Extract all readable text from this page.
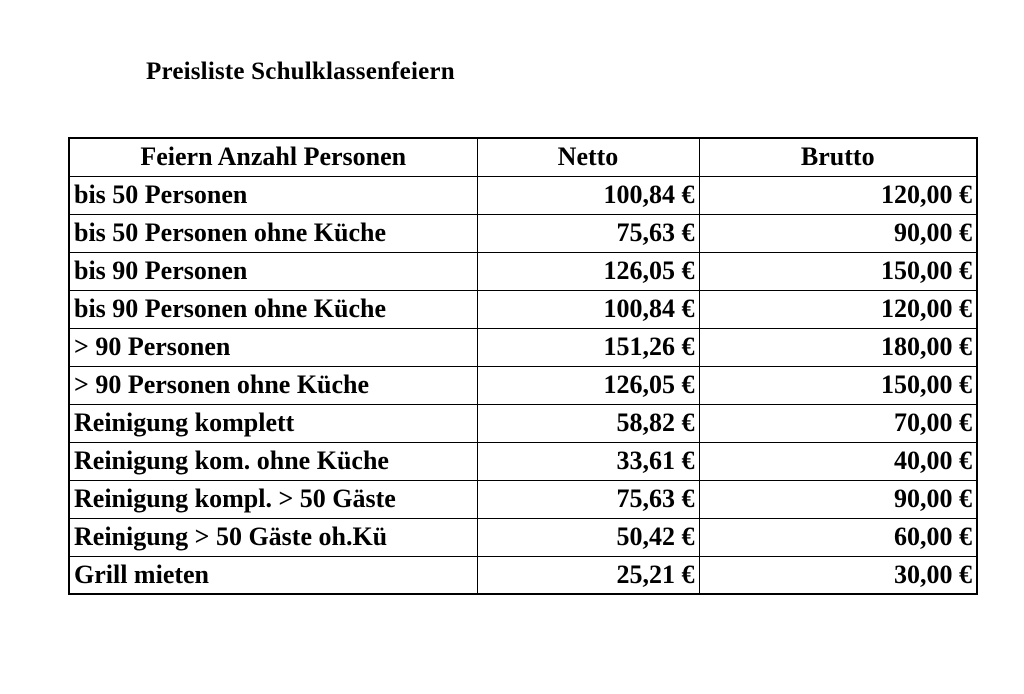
Preisliste Schulklassenfeiern
Feiern Anzahl Personen	Netto	Brutto
bis 50 Personen	100,84 €	120,00 €
bis 50 Personen ohne Küche	75,63 €	90,00 €
bis 90 Personen	126,05 €	150,00 €
bis 90 Personen ohne Küche	100,84 €	120,00 €
> 90 Personen	151,26 €	180,00 €
> 90 Personen ohne Küche	126,05 €	150,00 €
Reinigung komplett	58,82 €	70,00 €
Reinigung kom. ohne Küche	33,61 €	40,00 €
Reinigung kompl. > 50 Gäste	75,63 €	90,00 €
Reinigung > 50 Gäste oh.Kü	50,42 €	60,00 €
Grill mieten	25,21 €	30,00 €
